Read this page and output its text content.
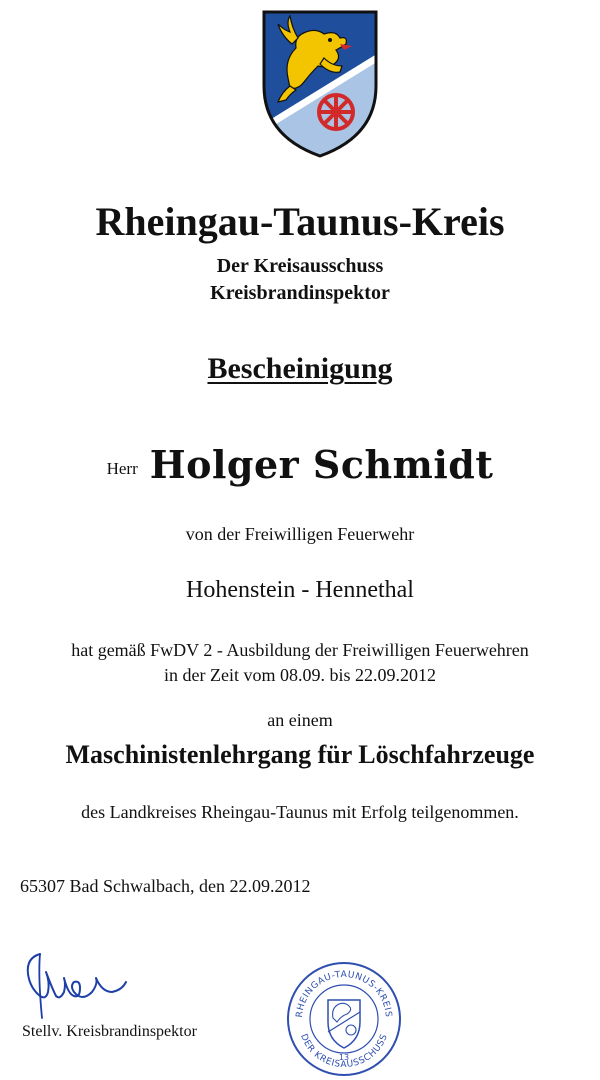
Rheingau-Taunus-Kreis
Der Kreisausschuss
Kreisbrandinspektor
Bescheinigung
Herr Holger Schmidt
von der Freiwilligen Feuerwehr
Hohenstein - Hennethal
hat gemäß FwDV 2 - Ausbildung der Freiwilligen Feuerwehren
in der Zeit vom 08.09. bis 22.09.2012
an einem
Maschinistenlehrgang für Löschfahrzeuge
des Landkreises Rheingau-Taunus mit Erfolg teilgenommen.
65307 Bad Schwalbach, den 22.09.2012
Stellv. Kreisbrandinspektor
RHEINGAU-TAUNUS-KREIS
DER KREISAUSSCHUSS
13
